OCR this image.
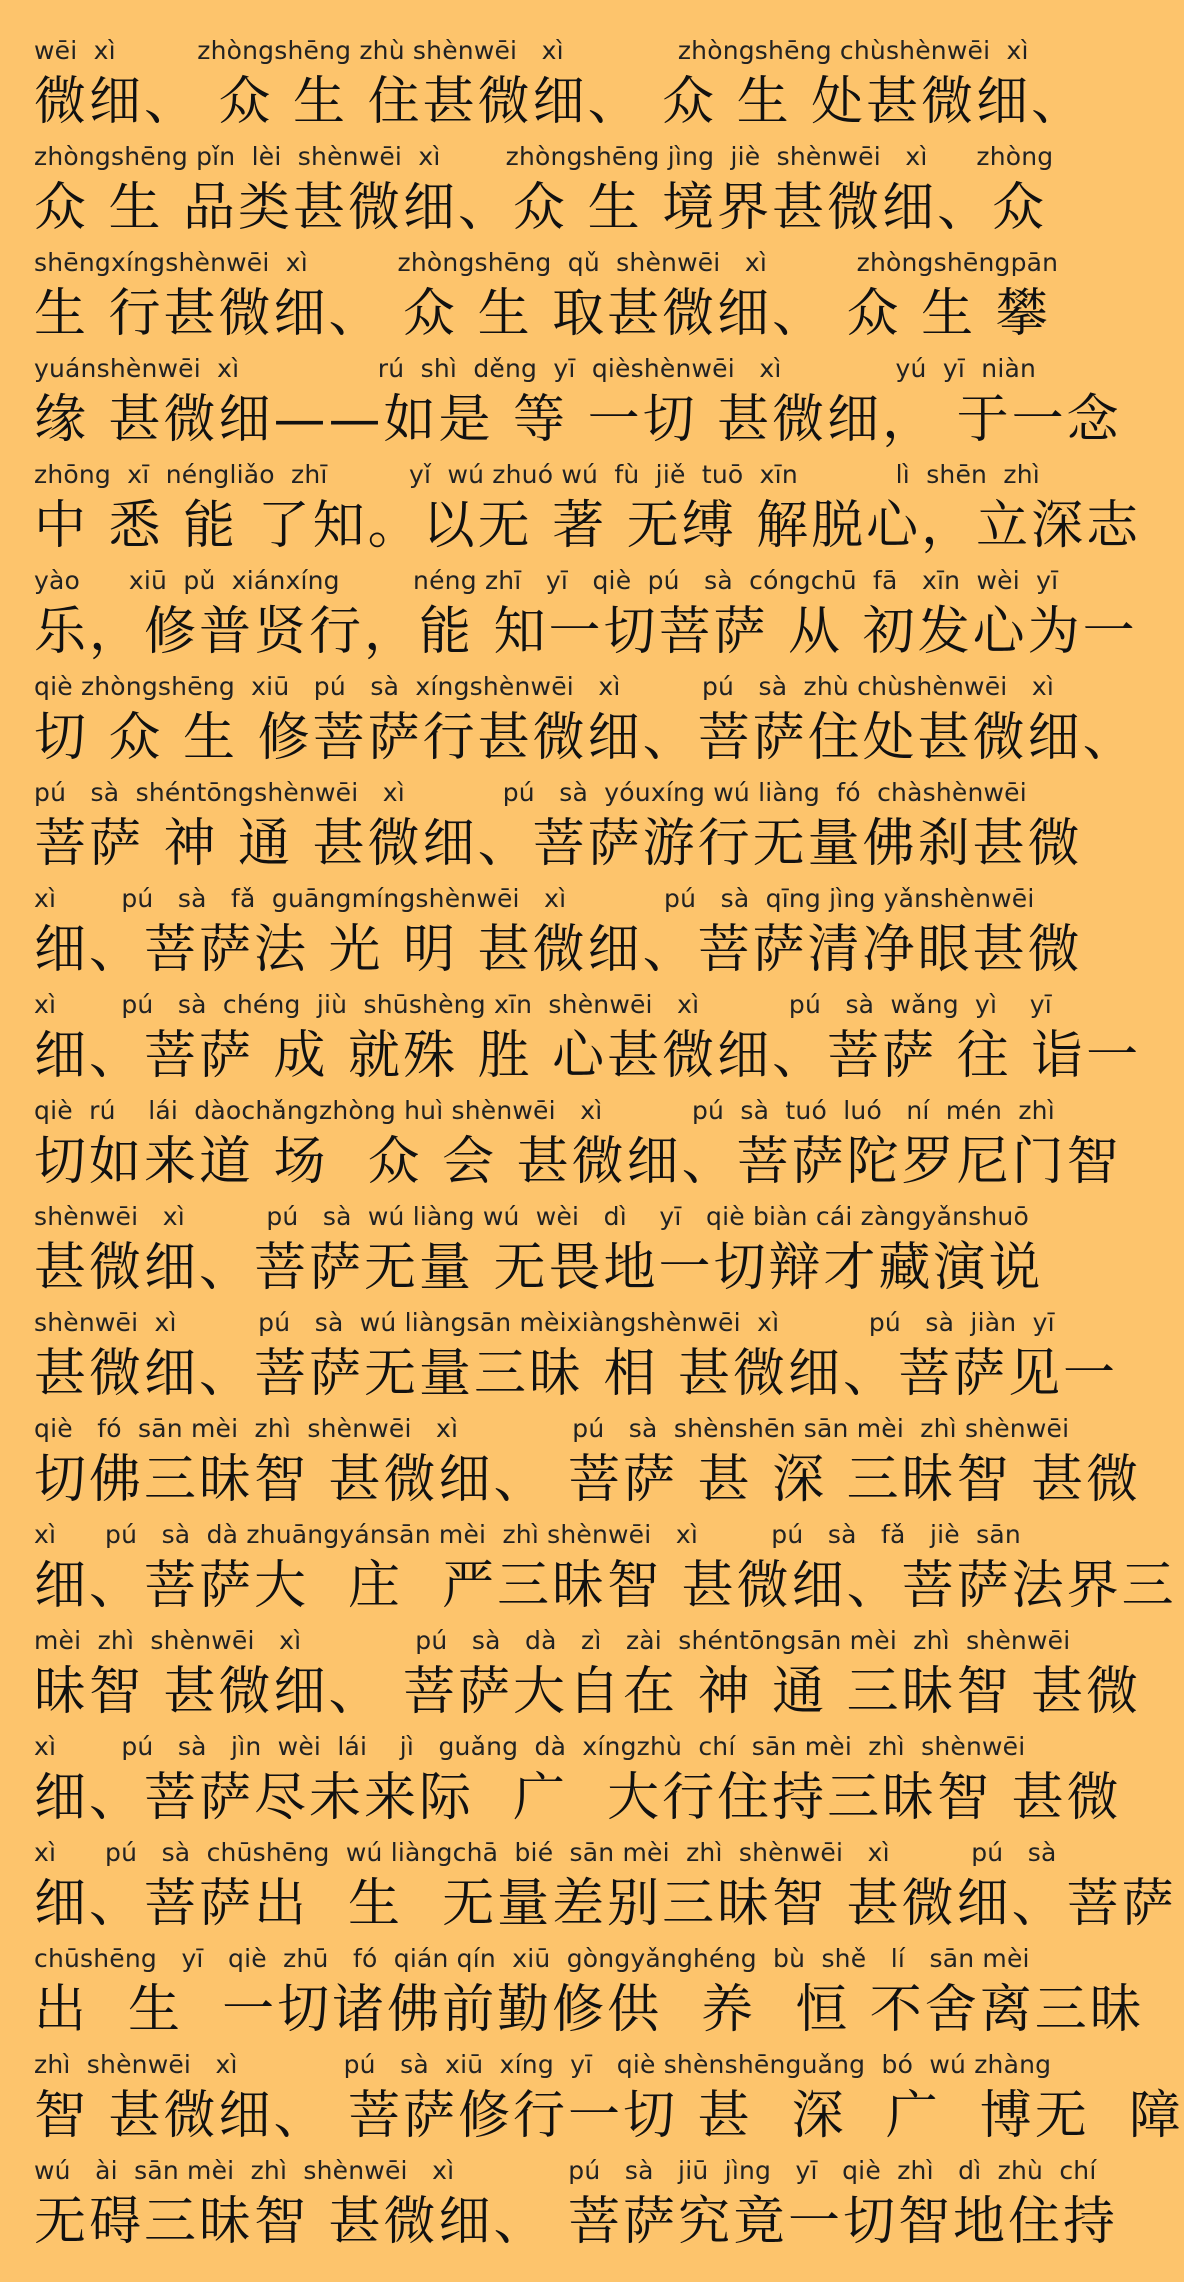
wēi  xì          zhòngshēng zhù shènwēi   xì              zhòngshēng chùshènwēi  xì
微细、 众 生 住甚微细、 众 生 处甚微细、
zhòngshēng pǐn  lèi  shènwēi  xì        zhòngshēng jìng  jiè  shènwēi   xì      zhòng
众 生 品类甚微细、众 生 境界甚微细、众
shēngxíngshènwēi  xì           zhòngshēng  qǔ  shènwēi   xì           zhòngshēngpān
生 行甚微细、 众 生 取甚微细、 众 生 攀
yuánshènwēi  xì                 rú  shì  děng  yī  qièshènwēi   xì              yú  yī  niàn
缘 甚微细——如是 等 一切 甚微细， 于一念
zhōng  xī  néngliǎo  zhī          yǐ  wú zhuó wú  fù  jiě  tuō  xīn            lì  shēn  zhì
中 悉 能 了知。以无 著 无缚 解脱心，立深志
yào      xiū  pǔ  xiánxíng         néng zhī   yī   qiè  pú   sà  cóngchū  fā   xīn  wèi  yī
乐，修普贤行，能 知一切菩萨 从 初发心为一
qiè zhòngshēng  xiū   pú   sà  xíngshènwēi   xì          pú   sà  zhù chùshènwēi   xì
切 众 生 修菩萨行甚微细、菩萨住处甚微细、
pú   sà  shéntōngshènwēi   xì            pú   sà  yóuxíng wú liàng  fó  chàshènwēi
菩萨 神 通 甚微细、菩萨游行无量佛刹甚微
xì        pú   sà   fǎ  guāngmíngshènwēi   xì            pú   sà  qīng jìng yǎnshènwēi
细、菩萨法 光 明 甚微细、菩萨清净眼甚微
xì        pú   sà  chéng  jiù  shūshèng xīn  shènwēi   xì           pú   sà  wǎng  yì    yī
细、菩萨 成 就殊 胜 心甚微细、菩萨 往 诣一
qiè  rú    lái  dàochǎngzhòng huì shènwēi   xì           pú  sà  tuó  luó   ní  mén  zhì
切如来道 场  众 会 甚微细、菩萨陀罗尼门智
shènwēi   xì          pú   sà  wú liàng wú  wèi   dì    yī   qiè biàn cái zàngyǎnshuō
甚微细、菩萨无量 无畏地一切辩才藏演说
shènwēi  xì          pú   sà  wú liàngsān mèixiàngshènwēi  xì           pú   sà  jiàn  yī
甚微细、菩萨无量三昧 相 甚微细、菩萨见一
qiè   fó  sān mèi  zhì  shènwēi   xì              pú   sà  shènshēn sān mèi  zhì shènwēi
切佛三昧智 甚微细、 菩萨 甚 深 三昧智 甚微
xì      pú   sà  dà zhuāngyánsān mèi  zhì shènwēi   xì         pú   sà   fǎ   jiè  sān
细、菩萨大  庄  严三昧智 甚微细、菩萨法界三
mèi  zhì  shènwēi   xì              pú   sà   dà   zì   zài  shéntōngsān mèi  zhì  shènwēi
昧智 甚微细、 菩萨大自在 神 通 三昧智 甚微
xì        pú   sà   jìn  wèi  lái    jì   guǎng  dà  xíngzhù  chí  sān mèi  zhì  shènwēi
细、菩萨尽未来际  广  大行住持三昧智 甚微
xì      pú   sà  chūshēng  wú liàngchā  bié  sān mèi  zhì  shènwēi   xì          pú   sà
细、菩萨出  生  无量差别三昧智 甚微细、菩萨
chūshēng   yī   qiè  zhū   fó  qián qín  xiū  gòngyǎnghéng  bù  shě   lí   sān mèi
出  生  一切诸佛前勤修供  养  恒 不舍离三昧
zhì  shènwēi   xì             pú   sà  xiū  xíng  yī   qiè shènshēnguǎng  bó  wú zhàng
智 甚微细、 菩萨修行一切 甚  深  广  博无  障
wú   ài  sān mèi  zhì  shènwēi   xì              pú   sà   jiū  jìng   yī   qiè  zhì   dì  zhù  chí
无碍三昧智 甚微细、 菩萨究竟一切智地住持
